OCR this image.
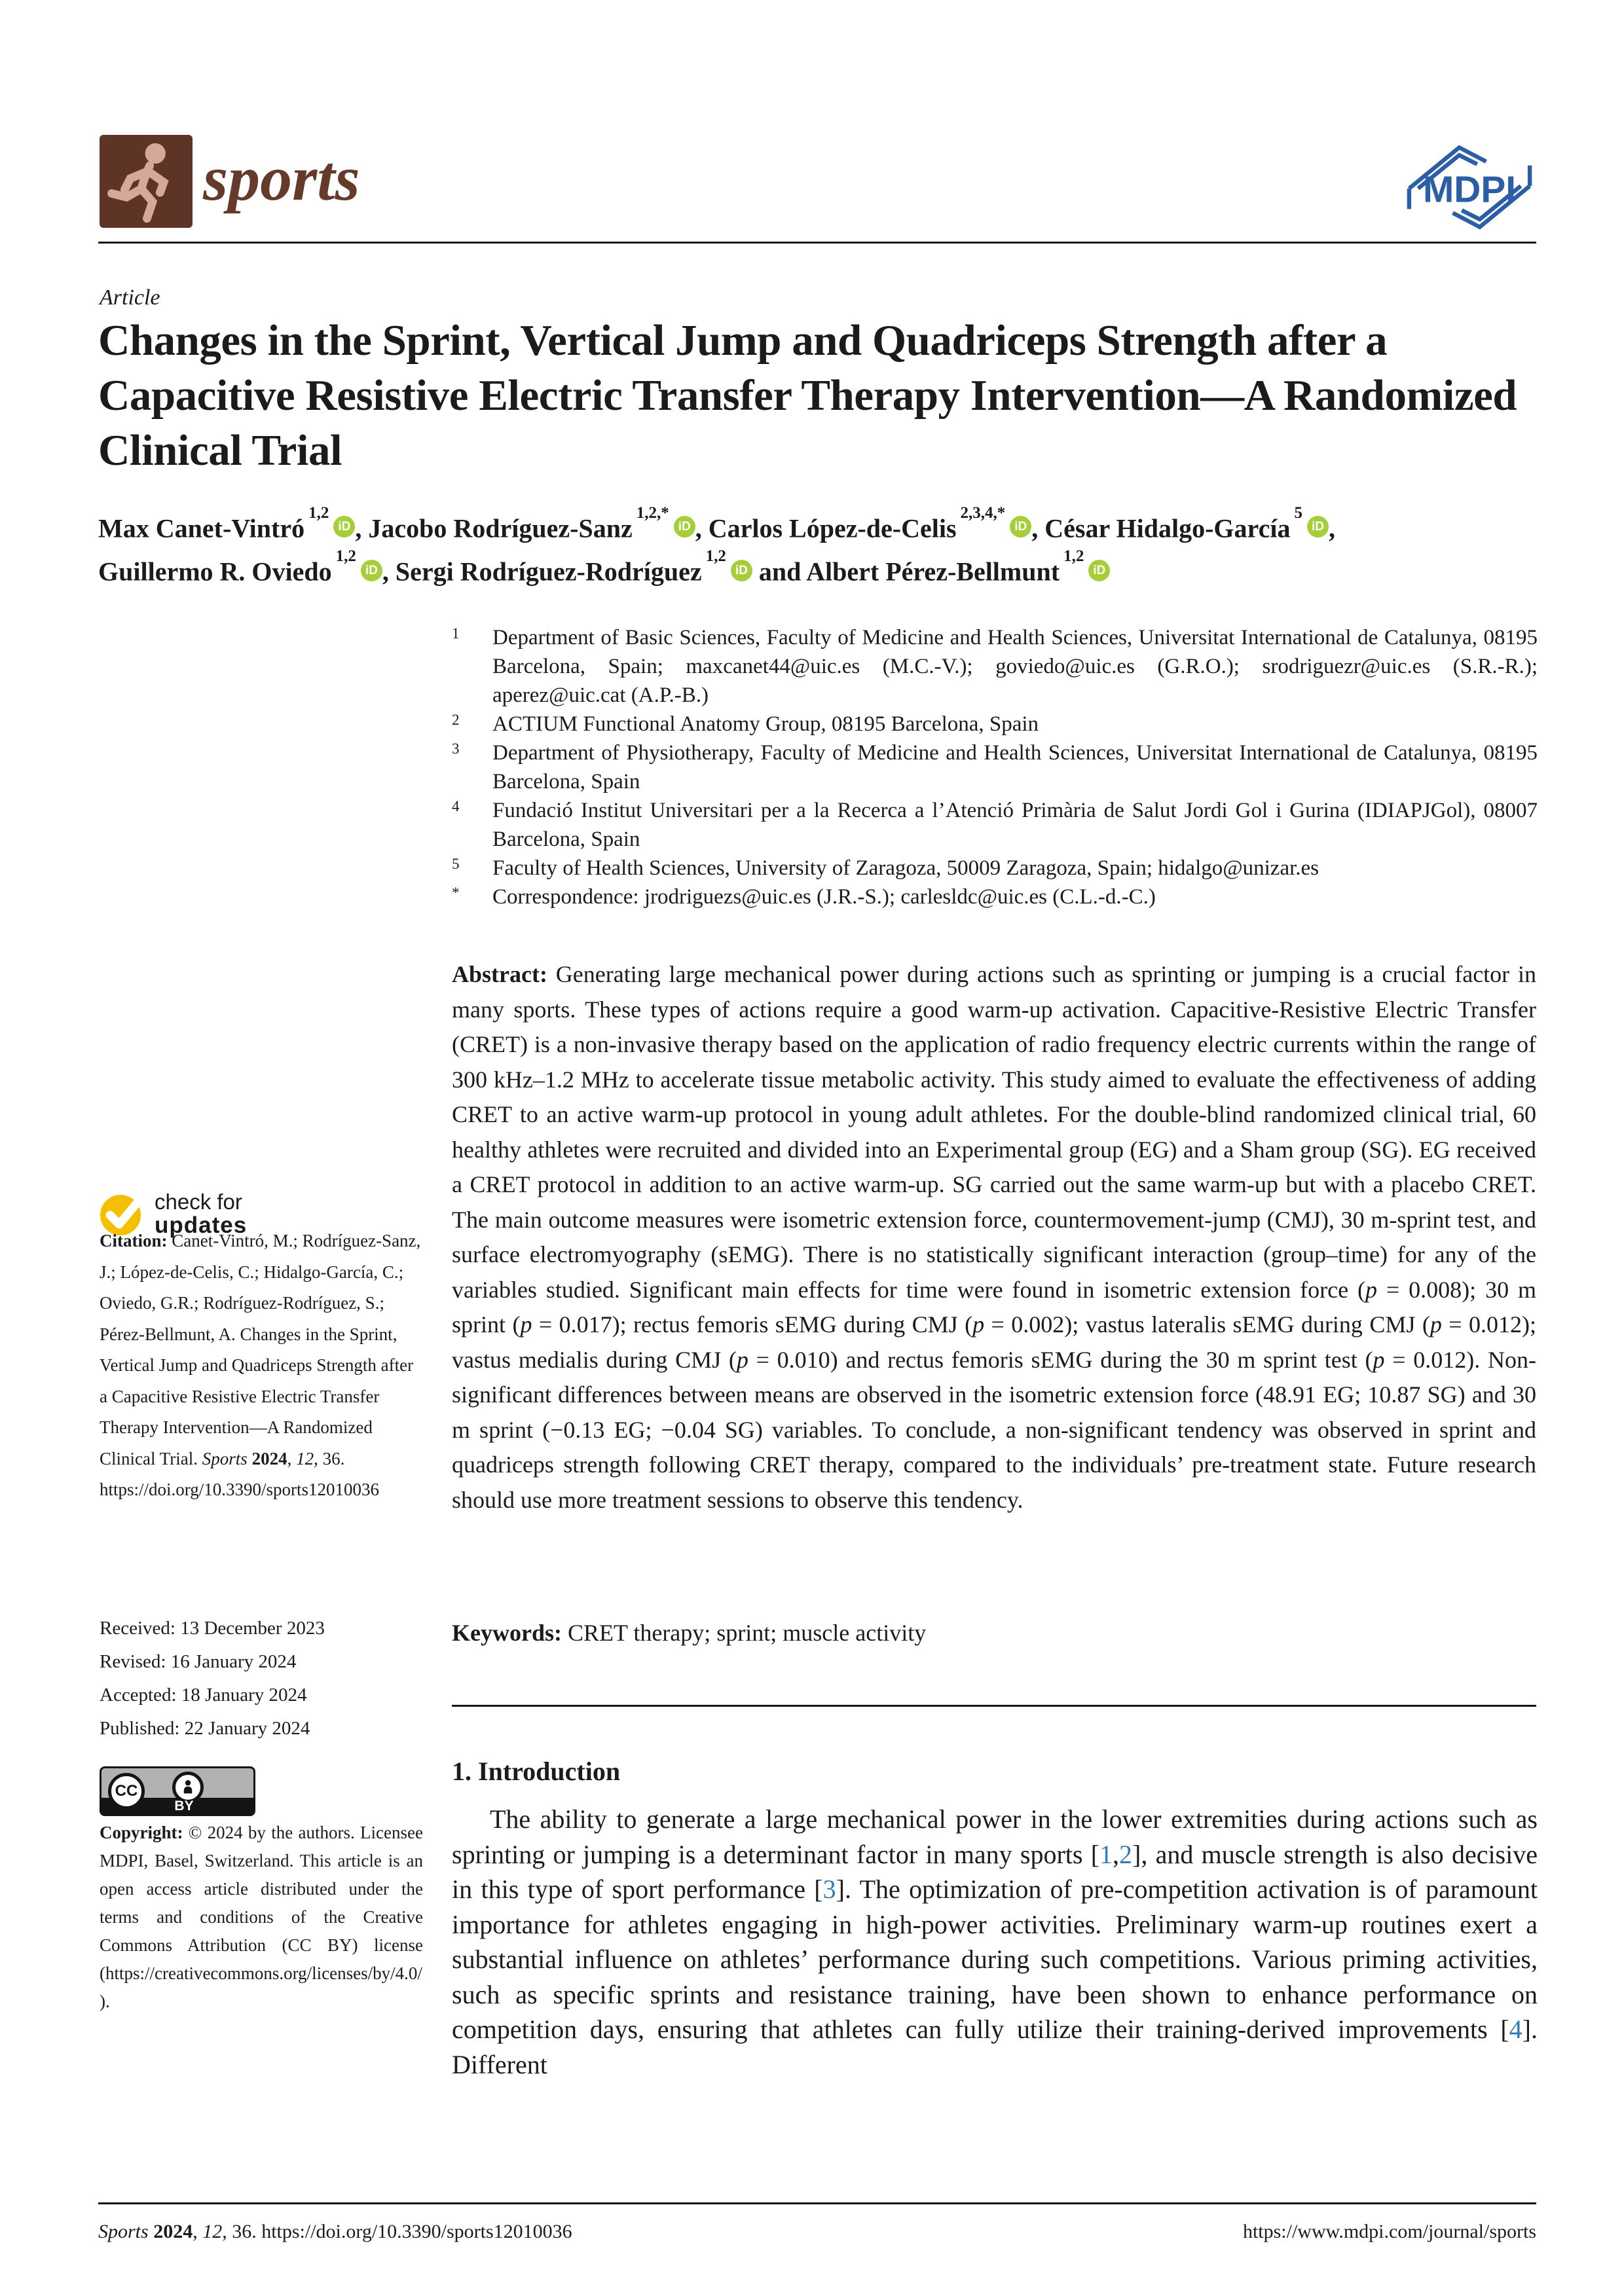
sports	MDPI
Article
Changes in the Sprint, Vertical Jump and Quadriceps Strength after a Capacitive Resistive Electric Transfer Therapy Intervention—A Randomized Clinical Trial
Max Canet-Vintró$^{1,2}$iD , Jacobo Rodríguez-Sanz$^{1,2,*}$iD , Carlos López-de-Celis$^{2,3,4,*}$iD , César Hidalgo-García$^5$iD ,
Guillermo R. Oviedo$^{1,2}$iD , Sergi Rodríguez-Rodríguez$^{1,2}$iD and Albert Pérez-Bellmunt$^{1,2}$iD
1	Department of Basic Sciences, Faculty of Medicine and Health Sciences, Universitat International de Catalunya, 08195 Barcelona, Spain; maxcanet44@uic.es (M.C.-V.); goviedo@uic.es (G.R.O.); srodriguezr@uic.es (S.R.-R.); aperez@uic.cat (A.P.-B.)
2	ACTIUM Functional Anatomy Group, 08195 Barcelona, Spain
3	Department of Physiotherapy, Faculty of Medicine and Health Sciences, Universitat International de Catalunya, 08195 Barcelona, Spain
4	Fundació Institut Universitari per a la Recerca a l’Atenció Primària de Salut Jordi Gol i Gurina (IDIAPJGol), 08007 Barcelona, Spain
5	Faculty of Health Sciences, University of Zaragoza, 50009 Zaragoza, Spain; hidalgo@unizar.es
*	Correspondence: jrodriguezs@uic.es (J.R.-S.); carlesldc@uic.es (C.L.-d.-C.)
Abstract: Generating large mechanical power during actions such as sprinting or jumping is a crucial factor in many sports. These types of actions require a good warm-up activation. Capacitive-Resistive Electric Transfer (CRET) is a non-invasive therapy based on the application of radio frequency electric currents within the range of 300 kHz–1.2 MHz to accelerate tissue metabolic activity. This study aimed to evaluate the effectiveness of adding CRET to an active warm-up protocol in young adult athletes. For the double-blind randomized clinical trial, 60 healthy athletes were recruited and divided into an Experimental group (EG) and a Sham group (SG). EG received a CRET protocol in addition to an active warm-up. SG carried out the same warm-up but with a placebo CRET. The main outcome measures were isometric extension force, countermovement-jump (CMJ), 30 m-sprint test, and surface electromyography (sEMG). There is no statistically significant interaction (group–time) for any of the variables studied. Significant main effects for time were found in isometric extension force (p = 0.008); 30 m sprint (p = 0.017); rectus femoris sEMG during CMJ (p = 0.002); vastus lateralis sEMG during CMJ (p = 0.012); vastus medialis during CMJ (p = 0.010) and rectus femoris sEMG during the 30 m sprint test (p = 0.012). Non-significant differences between means are observed in the isometric extension force (48.91 EG; 10.87 SG) and 30 m sprint (−0.13 EG; −0.04 SG) variables. To conclude, a non-significant tendency was observed in sprint and quadriceps strength following CRET therapy, compared to the individuals’ pre-treatment state. Future research should use more treatment sessions to observe this tendency.
Keywords: CRET therapy; sprint; muscle activity
check for
updates
Citation: Canet-Vintró, M.; Rodríguez-Sanz, J.; López-de-Celis, C.; Hidalgo-García, C.; Oviedo, G.R.; Rodríguez-Rodríguez, S.; Pérez-Bellmunt, A. Changes in the Sprint, Vertical Jump and Quadriceps Strength after a Capacitive Resistive Electric Transfer Therapy Intervention—A Randomized Clinical Trial. Sports 2024, 12, 36. https://doi.org/10.3390/sports12010036
Received: 13 December 2023
Revised: 16 January 2024
Accepted: 18 January 2024
Published: 22 January 2024
CC
BY
Copyright: © 2024 by the authors. Licensee MDPI, Basel, Switzerland. This article is an open access article distributed under the terms and conditions of the Creative Commons Attribution (CC BY) license (https://creativecommons.org/licenses/by/4.0/).
1. Introduction
The ability to generate a large mechanical power in the lower extremities during actions such as sprinting or jumping is a determinant factor in many sports [1,2], and muscle strength is also decisive in this type of sport performance [3]. The optimization of pre-competition activation is of paramount importance for athletes engaging in high-power activities. Preliminary warm-up routines exert a substantial influence on athletes’ performance during such competitions. Various priming activities, such as specific sprints and resistance training, have been shown to enhance performance on competition days, ensuring that athletes can fully utilize their training-derived improvements [4]. Different
Sports 2024, 12, 36. https://doi.org/10.3390/sports12010036	https://www.mdpi.com/journal/sports
